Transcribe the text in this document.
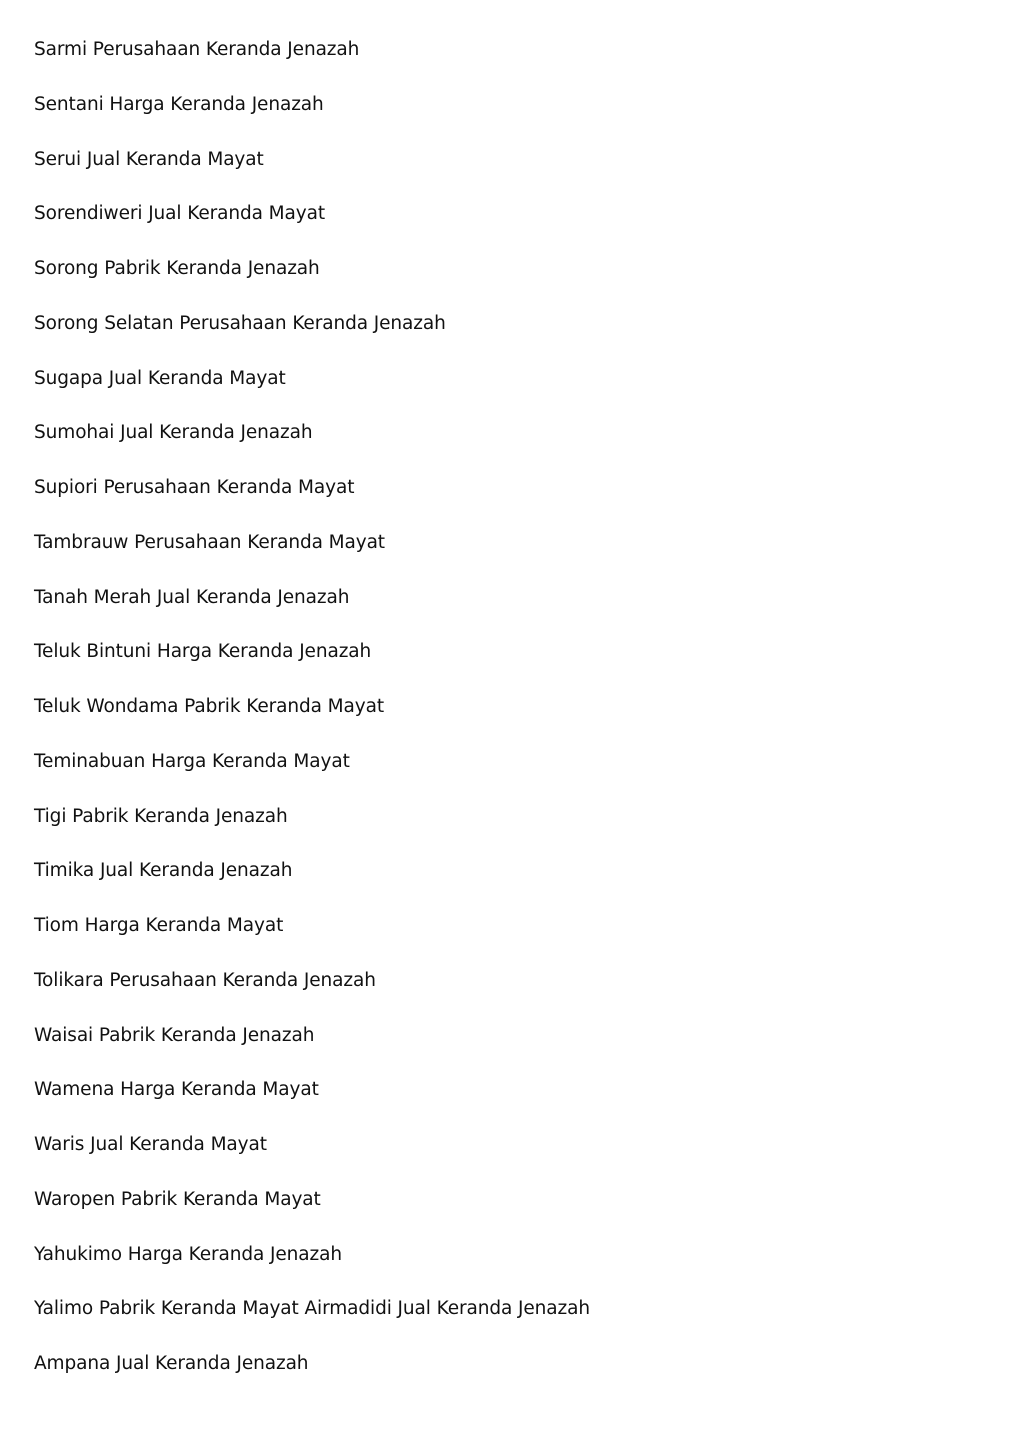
Sarmi Perusahaan Keranda Jenazah
Sentani Harga Keranda Jenazah
Serui Jual Keranda Mayat
Sorendiweri Jual Keranda Mayat
Sorong Pabrik Keranda Jenazah
Sorong Selatan Perusahaan Keranda Jenazah
Sugapa Jual Keranda Mayat
Sumohai Jual Keranda Jenazah
Supiori Perusahaan Keranda Mayat
Tambrauw Perusahaan Keranda Mayat
Tanah Merah Jual Keranda Jenazah
Teluk Bintuni Harga Keranda Jenazah
Teluk Wondama Pabrik Keranda Mayat
Teminabuan Harga Keranda Mayat
Tigi Pabrik Keranda Jenazah
Timika Jual Keranda Jenazah
Tiom Harga Keranda Mayat
Tolikara Perusahaan Keranda Jenazah
Waisai Pabrik Keranda Jenazah
Wamena Harga Keranda Mayat
Waris Jual Keranda Mayat
Waropen Pabrik Keranda Mayat
Yahukimo Harga Keranda Jenazah
Yalimo Pabrik Keranda Mayat Airmadidi Jual Keranda Jenazah
Ampana Jual Keranda Jenazah
